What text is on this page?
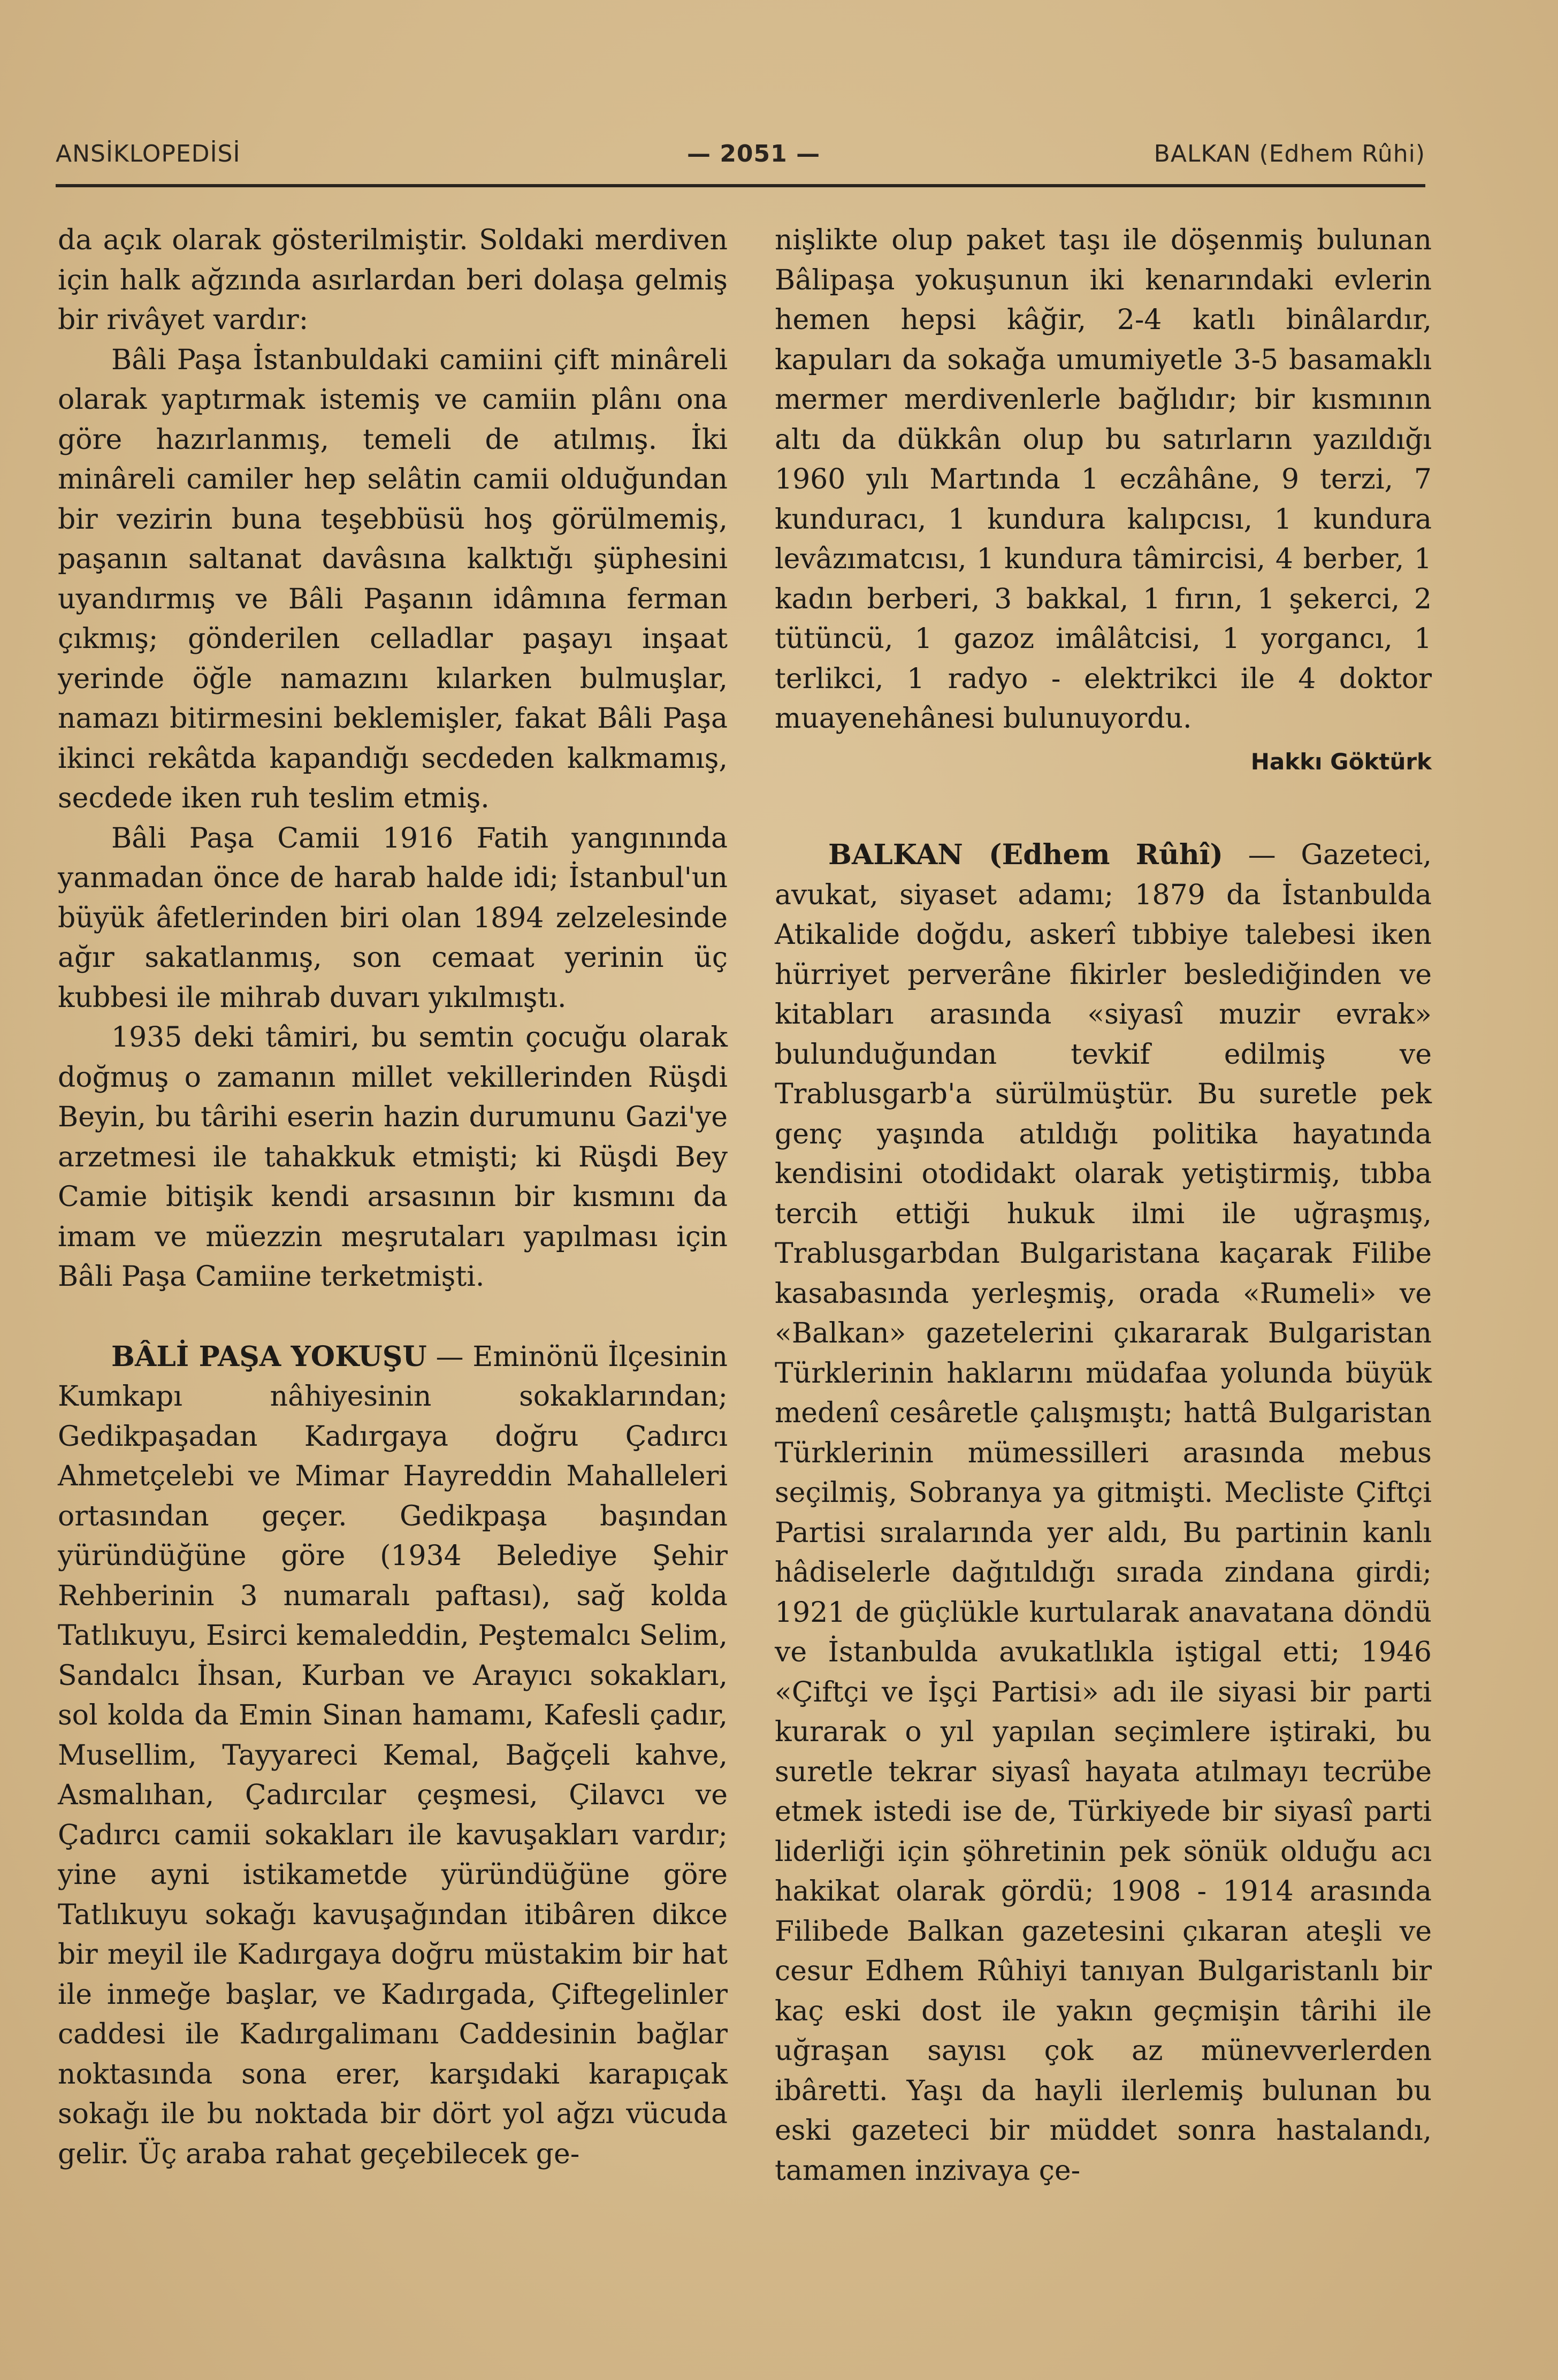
ANSİKLOPEDİSİ	— 2051 —	BALKAN (Edhem Rûhi)

da açık olarak gösterilmiştir. Soldaki merdiven için halk ağzında asırlardan beri dolaşa gelmiş bir rivâyet vardır:

Bâli Paşa İstanbuldaki camiini çift minâreli olarak yaptırmak istemiş ve camiin plânı ona göre hazırlanmış, temeli de atılmış. İki minâreli camiler hep selâtin camii olduğundan bir vezirin buna teşebbüsü hoş görülmemiş, paşanın saltanat davâsına kalktığı şüphesini uyandırmış ve Bâli Paşanın idâmına ferman çıkmış; gönderilen celladlar paşayı inşaat yerinde öğle namazını kılarken bulmuşlar, namazı bitirmesini beklemişler, fakat Bâli Paşa ikinci rekâtda kapandığı secdeden kalkmamış, secdede iken ruh teslim etmiş.

Bâli Paşa Camii 1916 Fatih yangınında yanmadan önce de harab halde idi; İstanbul'un büyük âfetlerinden biri olan 1894 zelzelesinde ağır sakatlanmış, son cemaat yerinin üç kubbesi ile mihrab duvarı yıkılmıştı.

1935 deki tâmiri, bu semtin çocuğu olarak doğmuş o zamanın millet vekillerinden Rüşdi Beyin, bu târihi eserin hazin durumunu Gazi'ye arzetmesi ile tahakkuk etmişti; ki Rüşdi Bey Camie bitişik kendi arsasının bir kısmını da imam ve müezzin meşrutaları yapılması için Bâli Paşa Camiine terketmişti.

BÂLİ PAŞA YOKUŞU — Eminönü İlçesinin Kumkapı nâhiyesinin sokaklarından; Gedikpaşadan Kadırgaya doğru Çadırcı Ahmetçelebi ve Mimar Hayreddin Mahalleleri ortasından geçer. Gedikpaşa başından yüründüğüne göre (1934 Belediye Şehir Rehberinin 3 numaralı paftası), sağ kolda Tatlıkuyu, Esirci kemaleddin, Peştemalcı Selim, Sandalcı İhsan, Kurban ve Arayıcı sokakları, sol kolda da Emin Sinan hamamı, Kafesli çadır, Musellim, Tayyareci Kemal, Bağçeli kahve, Asmalıhan, Çadırcılar çeşmesi, Çilavcı ve Çadırcı camii sokakları ile kavuşakları vardır; yine ayni istikametde yüründüğüne göre Tatlıkuyu sokağı kavuşağından itibâren dikce bir meyil ile Kadırgaya doğru müstakim bir hat ile inmeğe başlar, ve Kadırgada, Çiftegelinler caddesi ile Kadırgalimanı Caddesinin bağlar noktasında sona erer, karşıdaki karapıçak sokağı ile bu noktada bir dört yol ağzı vücuda gelir. Üç araba rahat geçebilecek ge-

nişlikte olup paket taşı ile döşenmiş bulunan Bâlipaşa yokuşunun iki kenarındaki evlerin hemen hepsi kâğir, 2-4 katlı binâlardır, kapuları da sokağa umumiyetle 3-5 basamaklı mermer merdivenlerle bağlıdır; bir kısmının altı da dükkân olup bu satırların yazıldığı 1960 yılı Martında 1 eczâhâne, 9 terzi, 7 kunduracı, 1 kundura kalıpcısı, 1 kundura levâzımatcısı, 1 kundura tâmircisi, 4 berber, 1 kadın berberi, 3 bakkal, 1 fırın, 1 şekerci, 2 tütüncü, 1 gazoz imâlâtcisi, 1 yorgancı, 1 terlikci, 1 radyo - elektrikci ile 4 doktor muayenehânesi bulunuyordu.

Hakkı Göktürk

BALKAN (Edhem Rûhî) — Gazeteci, avukat, siyaset adamı; 1879 da İstanbulda Atikalide doğdu, askerî tıbbiye talebesi iken hürriyet perverâne fikirler beslediğinden ve kitabları arasında «siyasî muzir evrak» bulunduğundan tevkif edilmiş ve Trablusgarb'a sürülmüştür. Bu suretle pek genç yaşında atıldığı politika hayatında kendisini otodidakt olarak yetiştirmiş, tıbba tercih ettiği hukuk ilmi ile uğraşmış, Trablusgarbdan Bulgaristana kaçarak Filibe kasabasında yerleşmiş, orada «Rumeli» ve «Balkan» gazetelerini çıkararak Bulgaristan Türklerinin haklarını müdafaa yolunda büyük medenî cesâretle çalışmıştı; hattâ Bulgaristan Türklerinin mümessilleri arasında mebus seçilmiş, Sobranya ya gitmişti. Mecliste Çiftçi Partisi sıralarında yer aldı, Bu partinin kanlı hâdiselerle dağıtıldığı sırada zindana girdi; 1921 de güçlükle kurtularak anavatana döndü ve İstanbulda avukatlıkla iştigal etti; 1946 «Çiftçi ve İşçi Partisi» adı ile siyasi bir parti kurarak o yıl yapılan seçimlere iştiraki, bu suretle tekrar siyasî hayata atılmayı tecrübe etmek istedi ise de, Türkiyede bir siyasî parti liderliği için şöhretinin pek sönük olduğu acı hakikat olarak gördü; 1908 - 1914 arasında Filibede Balkan gazetesini çıkaran ateşli ve cesur Edhem Rûhiyi tanıyan Bulgaristanlı bir kaç eski dost ile yakın geçmişin târihi ile uğraşan sayısı çok az münevverlerden ibâretti. Yaşı da hayli ilerlemiş bulunan bu eski gazeteci bir müddet sonra hastalandı, tamamen inzivaya çe-
